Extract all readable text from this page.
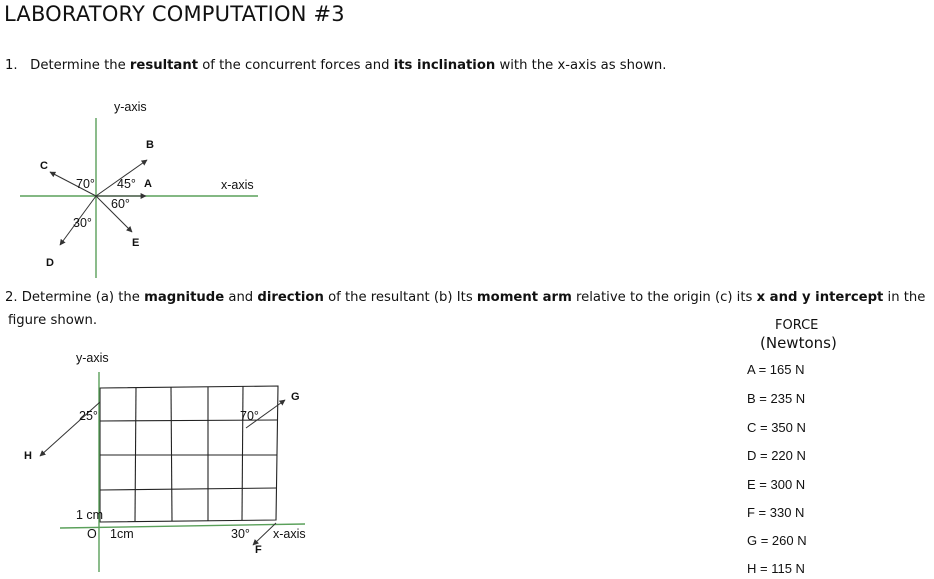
LABORATORY COMPUTATION #3
1. Determine the resultant of the concurrent forces and its inclination with the x-axis as shown.
y-axis
x-axis
B
A
C
D
E
70° 45°
60°
30°
2. Determine (a) the magnitude and direction of the resultant (b) Its moment arm relative to the origin (c) its x and y intercept in the
figure shown.
y-axis
x-axis
25°	70°
30°
G
H
F
1 cm
O 1cm
FORCE
(Newtons)
A = 165 N
B = 235 N
C = 350 N
D = 220 N
E = 300 N
F = 330 N
G = 260 N
H = 115 N
